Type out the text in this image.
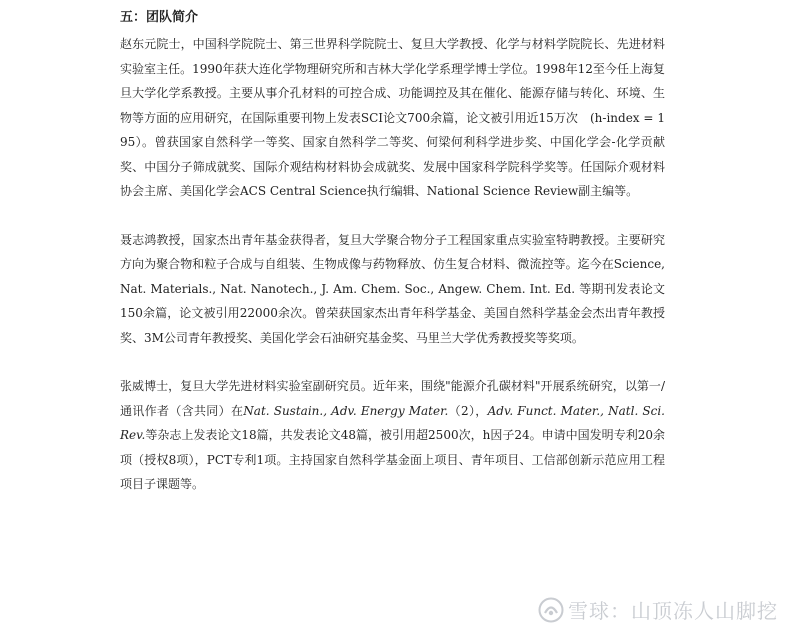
五：团队简介

赵东元院士，中国科学院院士、第三世界科学院院士、复旦大学教授、化学与材料学院院长、先进材料实验室主任。1990年获大连化学物理研究所和吉林大学化学系理学博士学位。1998年12至今任上海复旦大学化学系教授。主要从事介孔材料的可控合成、功能调控及其在催化、能源存储与转化、环境、生物等方面的应用研究，在国际重要刊物上发表SCI论文700余篇，论文被引用近15万次　(h-index = 195）。曾获国家自然科学一等奖、国家自然科学二等奖、何梁何利科学进步奖、中国化学会-化学贡献奖、中国分子筛成就奖、国际介观结构材料协会成就奖、发展中国家科学院科学奖等。任国际介观材料协会主席、美国化学会ACS Central Science执行编辑、National Science Review副主编等。

聂志鸿教授，国家杰出青年基金获得者，复旦大学聚合物分子工程国家重点实验室特聘教授。主要研究方向为聚合物和粒子合成与自组装、生物成像与药物释放、仿生复合材料、微流控等。迄今在Science, Nat. Materials., Nat. Nanotech., J. Am. Chem. Soc., Angew. Chem. Int. Ed. 等期刊发表论文150余篇，论文被引用22000余次。曾荣获国家杰出青年科学基金、美国自然科学基金会杰出青年教授奖、3M公司青年教授奖、美国化学会石油研究基金奖、马里兰大学优秀教授奖等奖项。

张威博士，复旦大学先进材料实验室副研究员。近年来，围绕"能源介孔碳材料"开展系统研究，以第一/通讯作者（含共同）在Nat. Sustain., Adv. Energy Mater.（2），Adv. Funct. Mater., Natl. Sci. Rev.等杂志上发表论文18篇，共发表论文48篇，被引用超2500次，h因子24。申请中国发明专利20余项（授权8项），PCT专利1项。主持国家自然科学基金面上项目、青年项目、工信部创新示范应用工程项目子课题等。

雪球：山顶冻人山脚挖
